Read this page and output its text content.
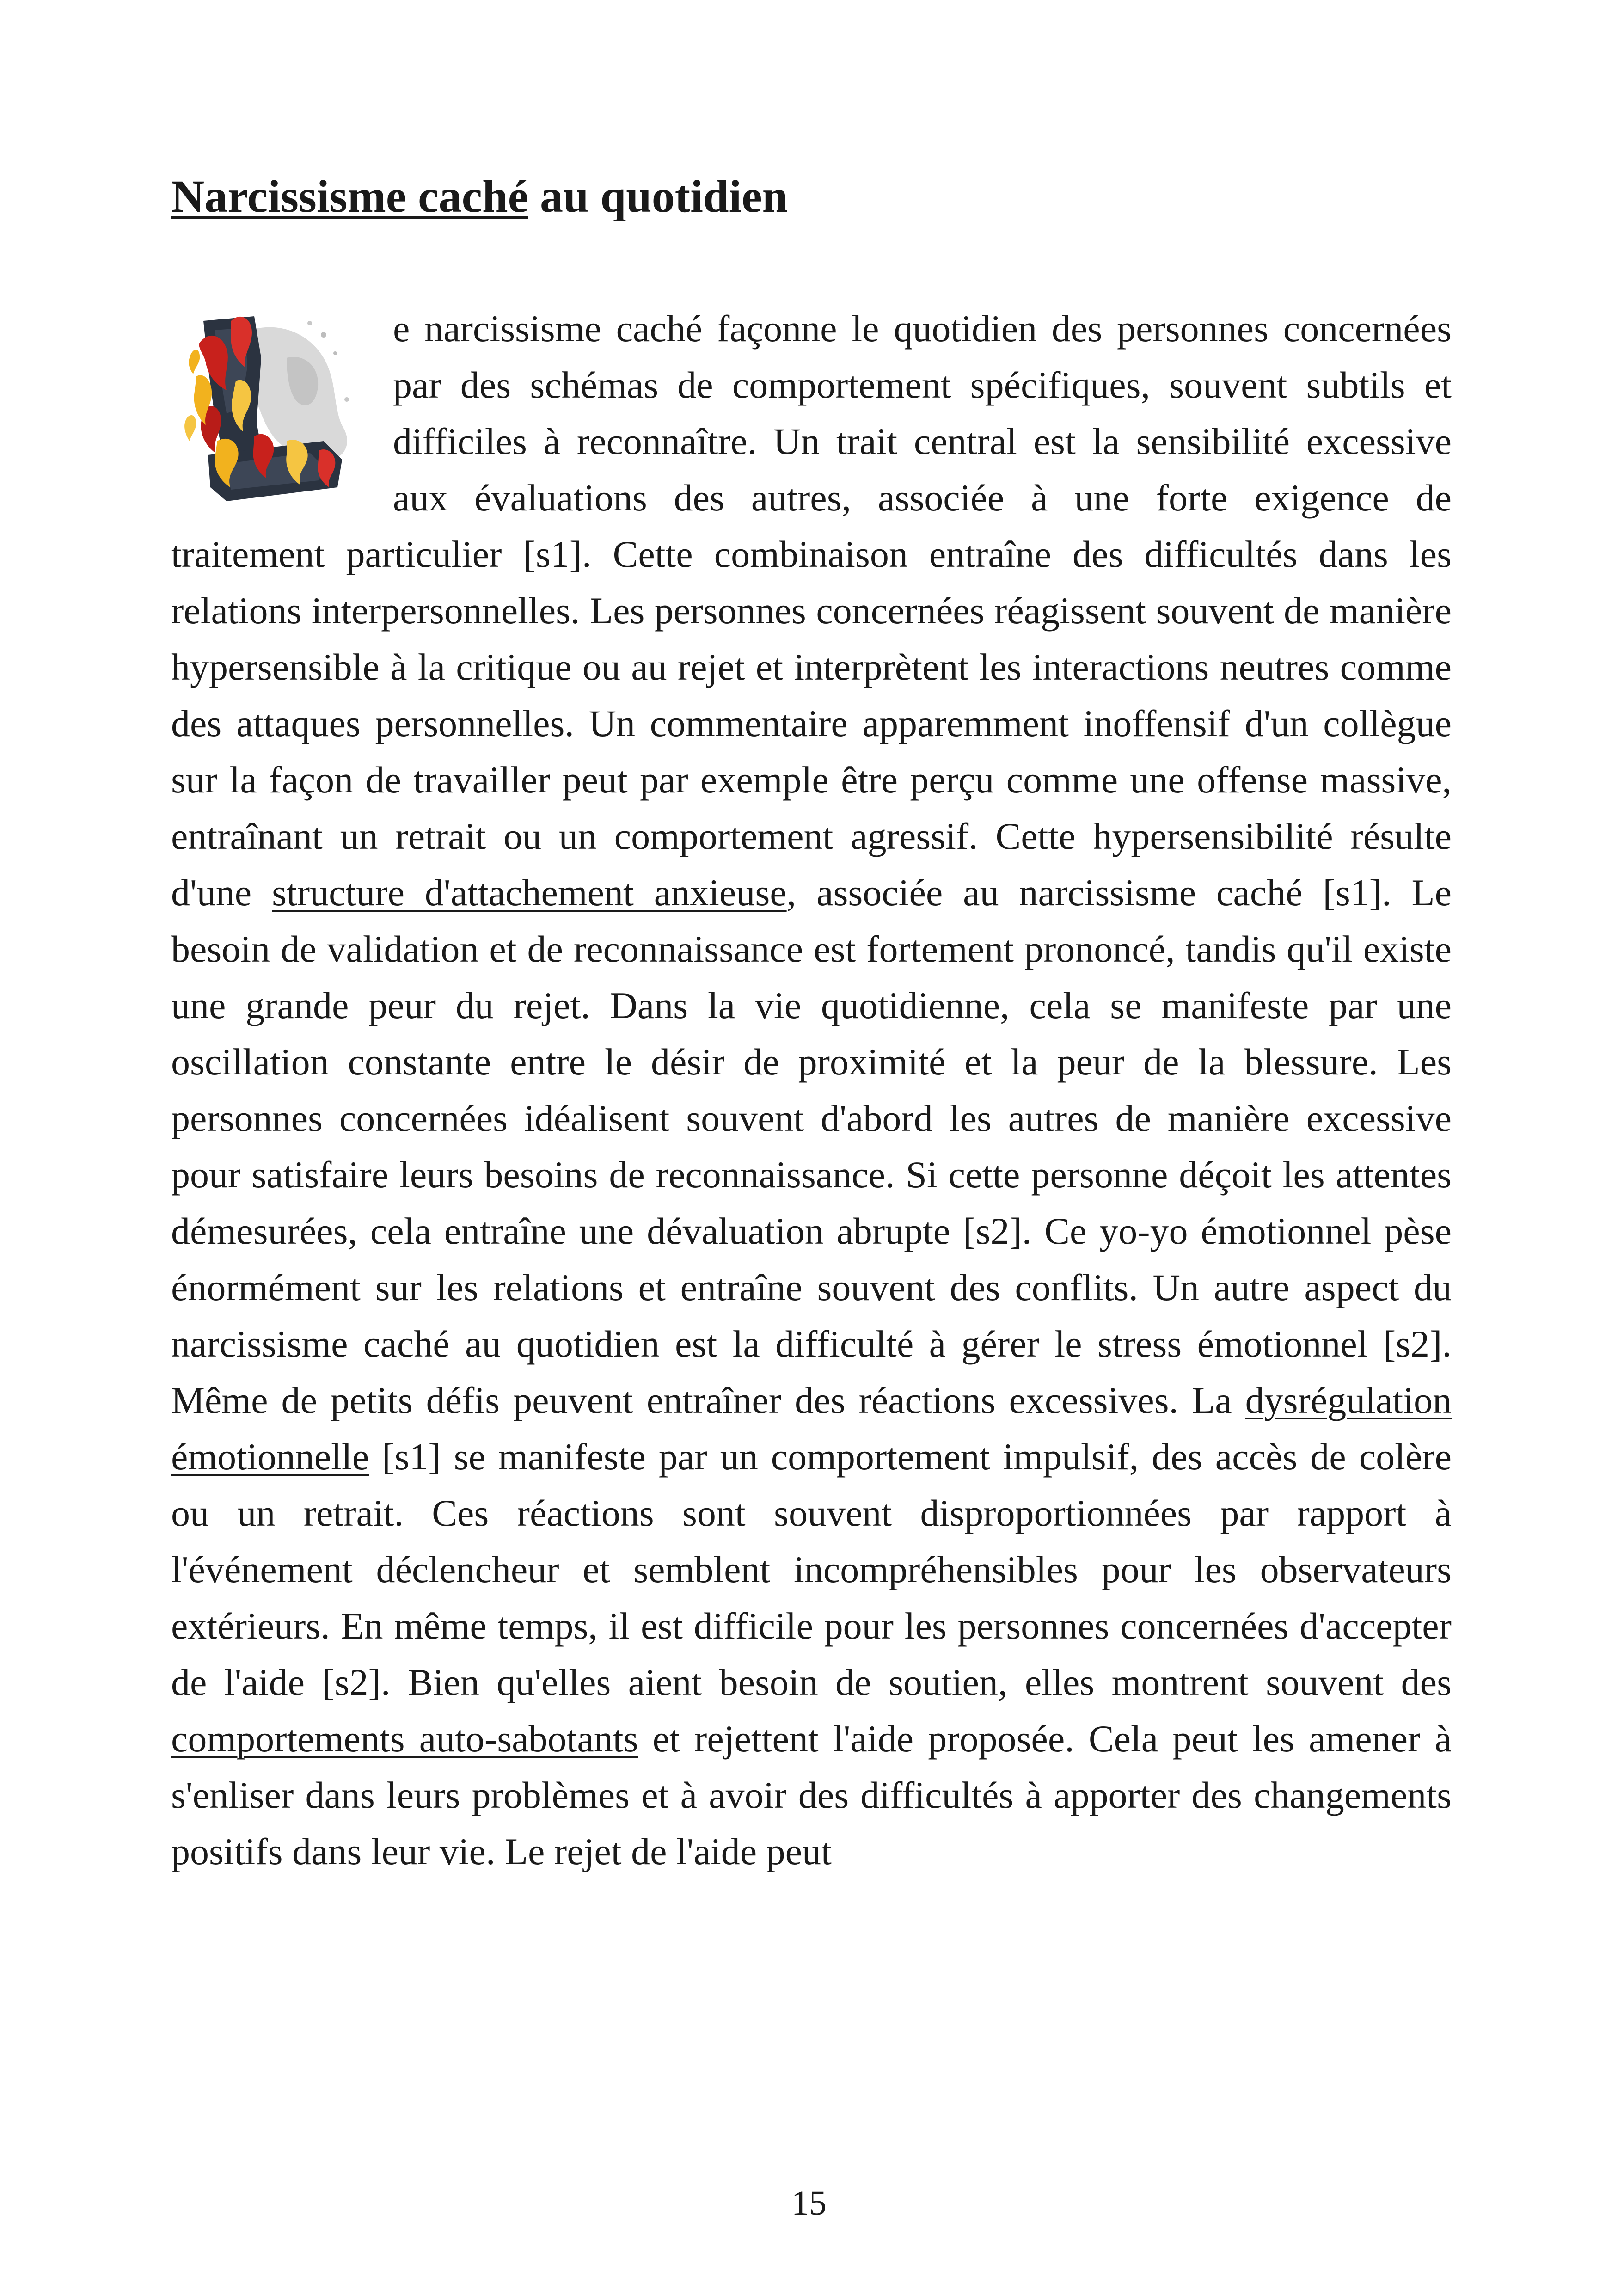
Narcissisme caché au quotidien

e narcissisme caché façonne le quotidien des personnes concernées par des schémas de comportement spécifiques, souvent subtils et difficiles à reconnaître. Un trait central est la sensibilité excessive aux évaluations des autres, associée à une forte exigence de traitement particulier [s1]. Cette combinaison entraîne des difficultés dans les relations interpersonnelles. Les personnes concernées réagissent souvent de manière hypersensible à la critique ou au rejet et interprètent les interactions neutres comme des attaques personnelles. Un commentaire apparemment inoffensif d'un collègue sur la façon de travailler peut par exemple être perçu comme une offense massive, entraînant un retrait ou un comportement agressif. Cette hypersensibilité résulte d'une structure d'attachement anxieuse, associée au narcissisme caché [s1]. Le besoin de validation et de reconnaissance est fortement prononcé, tandis qu'il existe une grande peur du rejet. Dans la vie quotidienne, cela se manifeste par une oscillation constante entre le désir de proximité et la peur de la blessure. Les personnes concernées idéalisent souvent d'abord les autres de manière excessive pour satisfaire leurs besoins de reconnaissance. Si cette personne déçoit les attentes démesurées, cela entraîne une dévaluation abrupte [s2]. Ce yo-yo émotionnel pèse énormément sur les relations et entraîne souvent des conflits. Un autre aspect du narcissisme caché au quotidien est la difficulté à gérer le stress émotionnel [s2]. Même de petits défis peuvent entraîner des réactions excessives. La dysrégulation émotionnelle [s1] se manifeste par un comportement impulsif, des accès de colère ou un retrait. Ces réactions sont souvent disproportionnées par rapport à l'événement déclencheur et semblent incompréhensibles pour les observateurs extérieurs. En même temps, il est difficile pour les personnes concernées d'accepter de l'aide [s2]. Bien qu'elles aient besoin de soutien, elles montrent souvent des comportements auto-sabotants et rejettent l'aide proposée. Cela peut les amener à s'enliser dans leurs problèmes et à avoir des difficultés à apporter des changements positifs dans leur vie. Le rejet de l'aide peut

15
